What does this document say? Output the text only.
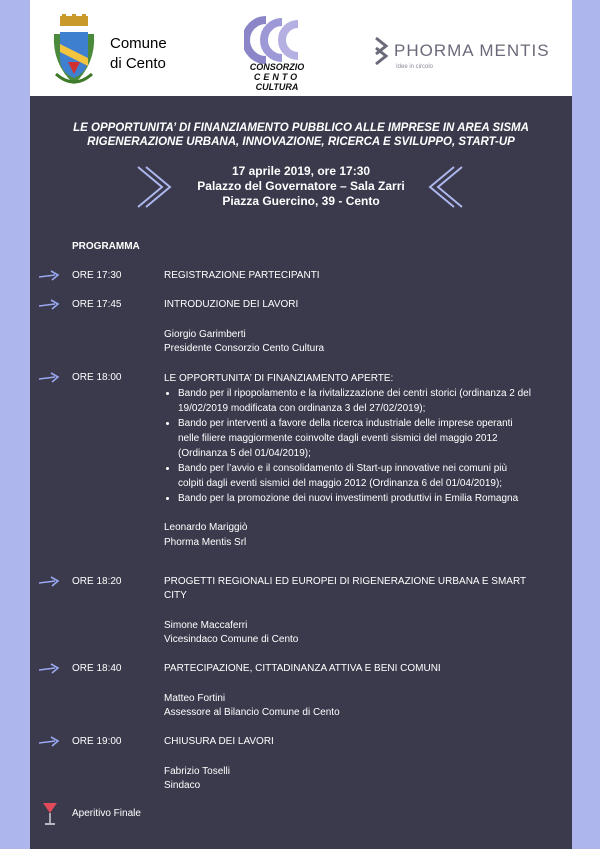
Comune
di Cento	CONSORZIO
CENTO
CULTURA
PHORMA MENTIS
Idee in circolo
LE OPPORTUNITA’ DI FINANZIAMENTO PUBBLICO ALLE IMPRESE IN AREA SISMA
RIGENERAZIONE URBANA, INNOVAZIONE, RICERCA E SVILUPPO, START-UP
17 aprile 2019, ore 17:30
Palazzo del Governatore – Sala Zarri
Piazza Guercino, 39 - Cento
PROGRAMMA
ORE 17:30	REGISTRAZIONE PARTECIPANTI
ORE 17:45	INTRODUZIONE DEI LAVORI
Giorgio Garimberti
Presidente Consorzio Cento Cultura
ORE 18:00	LE OPPORTUNITA’ DI FINANZIAMENTO APERTE:
• Bando per il ripopolamento e la rivitalizzazione dei centri storici (ordinanza 2 del 19/02/2019 modificata con ordinanza 3 del 27/02/2019);
• Bando per interventi a favore della ricerca industriale delle imprese operanti nelle filiere maggiormente coinvolte dagli eventi sismici del maggio 2012 (Ordinanza 5 del 01/04/2019);
• Bando per l’avvio e il consolidamento di Start-up innovative nei comuni più colpiti dagli eventi sismici del maggio 2012 (Ordinanza 6 del 01/04/2019);
• Bando per la promozione dei nuovi investimenti produttivi in Emilia Romagna
Leonardo Mariggiò
Phorma Mentis Srl
ORE 18:20	PROGETTI REGIONALI ED EUROPEI DI RIGENERAZIONE URBANA E SMART CITY
Simone Maccaferri
Vicesindaco Comune di Cento
ORE 18:40	PARTECIPAZIONE, CITTADINANZA ATTIVA E BENI COMUNI
Matteo Fortini
Assessore al Bilancio Comune di Cento
ORE 19:00	CHIUSURA DEI LAVORI
Fabrizio Toselli
Sindaco
Aperitivo Finale
